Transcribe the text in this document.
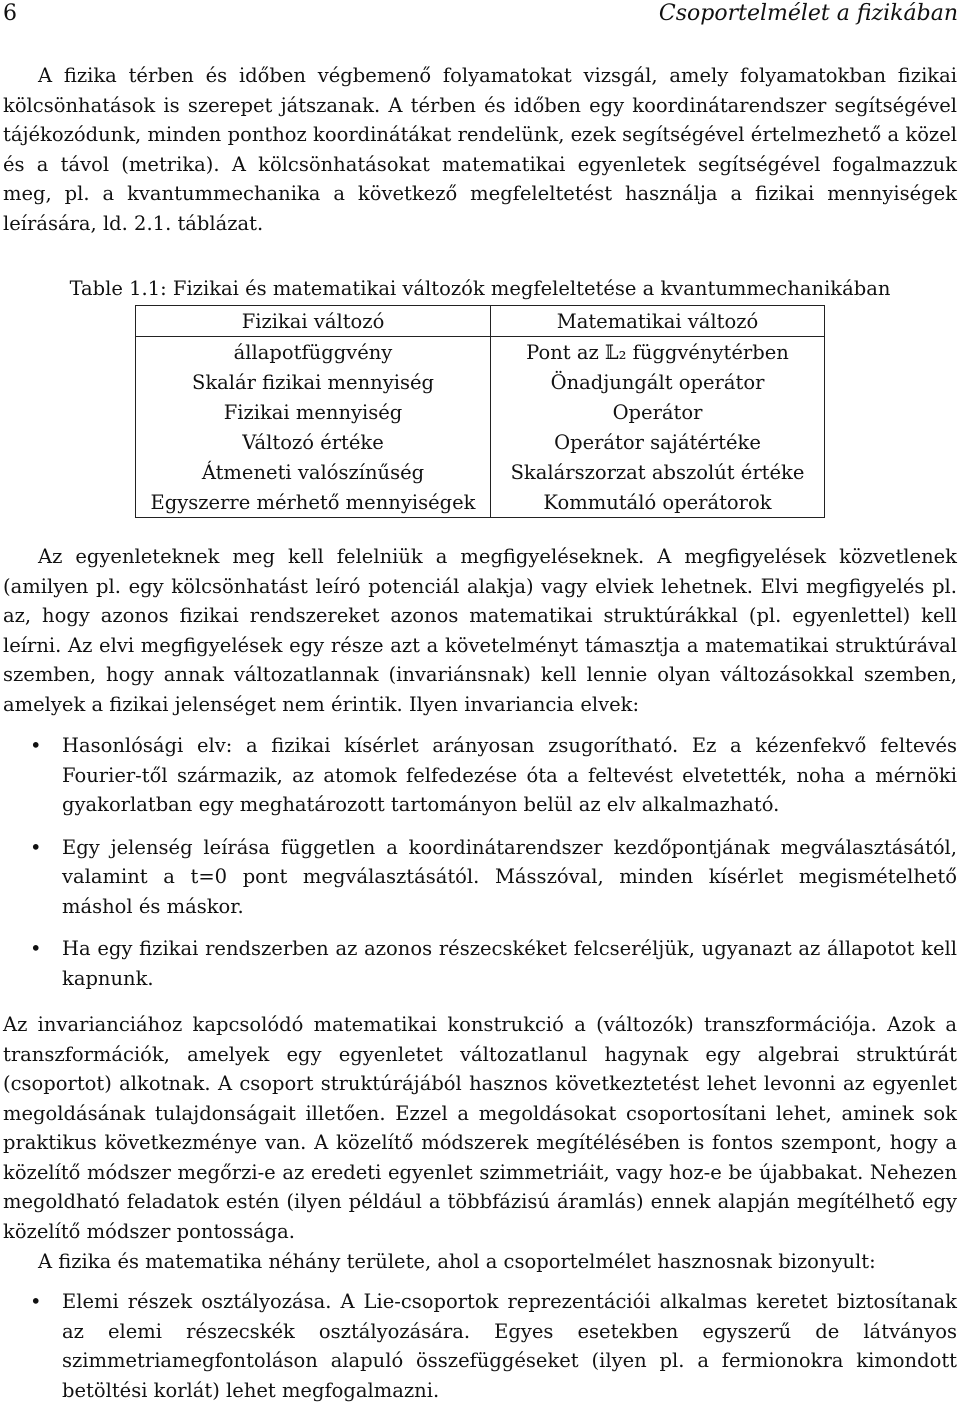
6	Csoportelmélet a fizikában

A fizika térben és időben végbemenő folyamatokat vizsgál, amely folyamatokban fizikai kölcsönhatások is szerepet játszanak. A térben és időben egy koordinátarendszer segítségével tájékozódunk, minden ponthoz koordinátákat rendelünk, ezek segítségével értelmezhető a közel és a távol (metrika). A kölcsönhatásokat matematikai egyenletek segítségével fogalmazzuk meg, pl. a kvantummechanika a következő megfeleltetést használja a fizikai mennyiségek leírására, ld. 2.1. táblázat.

Table 1.1: Fizikai és matematikai változók megfeleltetése a kvantummechanikában
Fizikai változó	Matematikai változó
állapotfüggvény	Pont az 𝕃₂ függvénytérben
Skalár fizikai mennyiség	Önadjungált operátor
Fizikai mennyiség	Operátor
Változó értéke	Operátor sajátértéke
Átmeneti valószínűség	Skalárszorzat abszolút értéke
Egyszerre mérhető mennyiségek	Kommutáló operátorok

Az egyenleteknek meg kell felelniük a megfigyeléseknek. A megfigyelések közvetlenek (amilyen pl. egy kölcsönhatást leíró potenciál alakja) vagy elviek lehetnek. Elvi megfigyelés pl. az, hogy azonos fizikai rendszereket azonos matematikai struktúrákkal (pl. egyenlettel) kell leírni. Az elvi megfigyelések egy része azt a követelményt támasztja a matematikai struktúrával szemben, hogy annak változatlannak (invariánsnak) kell lennie olyan változásokkal szemben, amelyek a fizikai jelenséget nem érintik. Ilyen invariancia elvek:

• Hasonlósági elv: a fizikai kísérlet arányosan zsugorítható. Ez a kézenfekvő feltevés Fourier-től származik, az atomok felfedezése óta a feltevést elvetették, noha a mérnöki gyakorlatban egy meghatározott tartományon belül az elv alkalmazható.
• Egy jelenség leírása független a koordinátarendszer kezdőpontjának megválasztásától, valamint a t=0 pont megválasztásától. Másszóval, minden kísérlet megismételhető máshol és máskor.
• Ha egy fizikai rendszerben az azonos részecskéket felcseréljük, ugyanazt az állapotot kell kapnunk.

Az invarianciához kapcsolódó matematikai konstrukció a (változók) transzformációja. Azok a transzformációk, amelyek egy egyenletet változatlanul hagynak egy algebrai struktúrát (csoportot) alkotnak. A csoport struktúrájából hasznos következtetést lehet levonni az egyenlet megoldásának tulajdonságait illetően. Ezzel a megoldásokat csoportosítani lehet, aminek sok praktikus következménye van. A közelítő módszerek megítélésében is fontos szempont, hogy a közelítő módszer megőrzi-e az eredeti egyenlet szimmetriáit, vagy hoz-e be újabbakat. Nehezen megoldható feladatok estén (ilyen például a többfázisú áramlás) ennek alapján megítélhető egy közelítő módszer pontossága.

A fizika és matematika néhány területe, ahol a csoportelmélet hasznosnak bizonyult:

• Elemi részek osztályozása. A Lie-csoportok reprezentációi alkalmas keretet biztosítanak az elemi részecskék osztályozására. Egyes esetekben egyszerű de látványos szimmetriamegfontoláson alapuló összefüggéseket (ilyen pl. a fermionokra kimondott betöltési korlát) lehet megfogalmazni.
